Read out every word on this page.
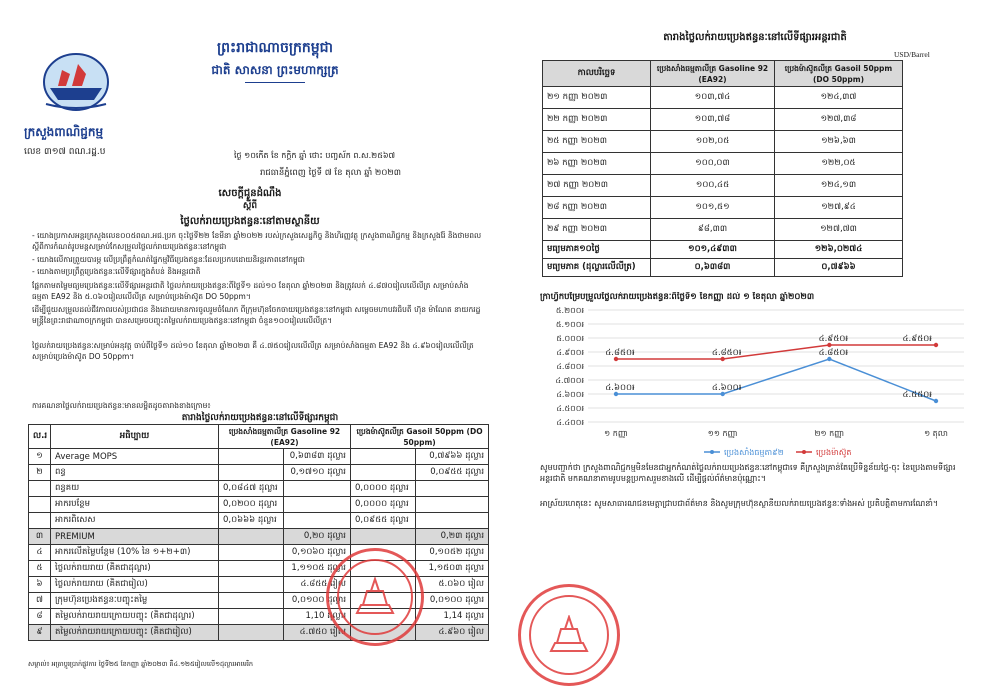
ក្រសួងពាណិជ្ជកម្ម
លេខ ៣១៧ ពណ.រដ្ឋ.ប
ព្រះរាជាណាចក្រកម្ពុជា
ជាតិ សាសនា ព្រះមហាក្សត្រ
ថ្ងៃ ១០កើត ខែ កក្ដិក ឆ្នាំ ថោះ បញ្ចស័ក ព.ស.២៥៦៧
រាជធានីភ្នំពេញ ថ្ងៃទី ៧ ខែ តុលា ឆ្នាំ ២០២៣
សេចក្តីជូនដំណឹង
ស្តីពី
ថ្លៃលក់រាយប្រេងឥន្ធនៈនៅតាមស្ថានីយ
- យោងប្រកាសអន្តរក្រសួងលេខ០០៥ពណ.អជ.ប្រក ចុះថ្ងៃទី២២ ខែមីនា ឆ្នាំ២០២២ របស់ក្រសួងសេដ្ឋកិច្ច និងហិរញ្ញវត្ថុ ក្រសួងពាណិជ្ជកម្ម និងក្រសួងរ៉ែ និងថាមពល ស្តីពីការកំណត់រូបមន្តសម្រាប់កែសម្រួលថ្លៃលក់រាយប្រេងឥន្ធនៈនៅកម្ពុជា
- យោងលើការព្រួយបារម្ភ លើប្រព្រឹត្តកំណត់ផ្ទៃកម្មវិធីប្រេងឥន្ធនៈដែលប្រកបដោយនិរន្តរភាពនៅកម្ពុជា
- យោងតាមប្រព្រឹត្តប្រេងឥន្ធនៈលើទីផ្សារក្នុងតំបន់ និងអន្តរជាតិ
ផ្អែកតាមតម្លៃមធ្យមប្រេងឥន្ធនៈលើទីផ្សារអន្តរជាតិ ថ្លៃលក់រាយប្រេងឥន្ធនៈពីថ្ងៃទី១ ដល់១០ ខែតុលា ឆ្នាំ២០២៣ និងត្រូវលក់ ៤.៨៧០រៀលលើលីត្រ សម្រាប់សាំងធម្មតា EA92 និង ៥.០៦០រៀលលើលីត្រ សម្រាប់ប្រេងម៉ាស៊ូត DO 50ppm។
ដើម្បីជួយសម្រួលដល់ជីវភាពរបស់ប្រជាជន និងដោយមានការចូលរួមចំណែក ពីក្រុមហ៊ុនចែកចាយប្រេងឥន្ធនៈនៅកម្ពុជា សម្ដេចមហាបវរធិបតី ហ៊ុន ម៉ាណែត នាយករដ្ឋមន្ត្រីនៃព្រះរាជាណាចក្រកម្ពុជា បានសម្រេចបញ្ចុះតម្លៃលក់រាយប្រេងឥន្ធនៈនៅកម្ពុជា ចំនួន១០០រៀលលើលីត្រ។
ថ្លៃលក់រាយប្រេងឥន្ធនៈសម្រាប់អនុវត្ត ចាប់ពីថ្ងៃទី១ ដល់១០ ខែតុលា ឆ្នាំ២០២៣ គឺ ៤.៧៥០រៀលលើលីត្រ សម្រាប់សាំងធម្មតា EA92 និង ៤.៩៦០រៀលលើលីត្រ សម្រាប់ប្រេងម៉ាស៊ូត DO 50ppm។
ការគណនាថ្លៃលក់រាយប្រេងឥន្ធនៈមានលម្អិតដូចតារាងខាងក្រោម៖
តារាងថ្លៃលក់រាយប្រេងឥន្ធនៈនៅលើទីផ្សារកម្ពុជា
ល.រ	អធិប្បាយ	ប្រេងសាំងធម្មតាលីត្រ Gasoline 92 (EA92)		ប្រេងម៉ាស៊ូតលីត្រ Gasoil 50ppm (DO 50ppm)	
១	Average MOPS		0,៦៣៨៣ ដុល្លារ		0,៧៩៦៦ ដុល្លារ
២	ពន្ធ		0,១៧១០ ដុល្លារ		0,០៩៥៥ ដុល្លារ
	ពន្ធគយ	0,០៨៤៧ ដុល្លារ		0,០០០០ ដុល្លារ	
	អាករបន្ថែម	0,០២០០ ដុល្លារ		0,០០០០ ដុល្លារ	
	អាករពិសេស	0,០៦៦៦ ដុល្លារ		0,០៩៥៥ ដុល្លារ	
៣	PREMIUM		0,២០ ដុល្លារ		0,២៣ ដុល្លារ
៤	អាករលើតម្លៃបន្ថែម (10% នៃ ១+២+៣)		0,១០៦០ ដុល្លារ		0,១០៥២ ដុល្លារ
៥	ថ្លៃលក់រាយរាយ (គិតជាដុល្លារ)		1,១១០៥ ដុល្លារ		1,១៥០៣ ដុល្លារ
៦	ថ្លៃលក់រាយរាយ (គិតជារៀល)		៤.៨៥៥ រៀល		៥.០៦០ រៀល
៧	ក្រុមហ៊ុនប្រេងឥន្ធនៈបញ្ចុះតម្លៃ		0,០១០០ ដុល្លារ		0,០១០០ ដុល្លារ
៨	តម្លៃលក់រាយរាយក្រោយបញ្ចុះ (គិតជាដុល្លារ)		1,10 ដុល្លារ		1,14 ដុល្លារ
៩	តម្លៃលក់រាយរាយក្រោយបញ្ចុះ (គិតជារៀល)		៤.៧៥០ រៀល		៤.៩៦០ រៀល
សម្គាល់៖ អត្រាប្តូរប្រាក់ផ្លូវការ ថ្ងៃទី២៥ ខែកញ្ញា ឆ្នាំ២០២៣ គឺ៤.១២៥រៀលលើ១ដុល្លារអាមេរិក
តារាងថ្លៃលក់រាយប្រេងឥន្ធនៈនៅលើទីផ្សារអន្តរជាតិ
USD/Barrel
កាលបរិច្ឆេទ	ប្រេងសាំងធម្មតាលីត្រ Gasoline 92 (EA92)	ប្រេងម៉ាស៊ូតលីត្រ Gasoil 50ppm (DO 50ppm)
២១ កញ្ញា ២០២៣	១០៣,៧៤	១២៤,៣៧
២២ កញ្ញា ២០២៣	១០៣,៧៨	១២៧,៣៨
២៥ កញ្ញា ២០២៣	១០២,០៥	១២៦,៦៣
២៦ កញ្ញា ២០២៣	១០០,០៣	១២២,០៥
២៧ កញ្ញា ២០២៣	១០០,៤៥	១២៤,១៣
២៨ កញ្ញា ២០២៣	១០១,៥១	១២៧,៩៤
២៩ កញ្ញា ២០២៣	៩៨,៣៣	១២៧,៧៣
មធ្យមភាគ១០ថ្ងៃ	១០១,៤៩៣៣	១២៦,០២៧៤
មធ្យមភាគ (ដុល្លារលើលីត្រ)	០,៦៣៨៣	០,៧៩៦៦
ក្រាហ្វិកបម្រែបម្រួលថ្លៃលក់រាយប្រេងឥន្ធនៈពីថ្ងៃទី១ ខែកញ្ញា ដល់ ១ ខែតុលា ឆ្នាំ២០២៣
៤.៤០០៛
៤.៥០០៛
៤.៦០០៛
៤.៧០០៛
៤.៨០០៛
៤.៩០០៛
៥.០០០៛
៥.១០០៛
៥.២០០៛
១ កញ្ញា	១១ កញ្ញា	២១ កញ្ញា	១ តុលា
៤.៦០០៛	៤.៦០០៛
៤.៨៥០៛
៤.៥៥០៛
៤.៨៥០៛	៤.៨៥០៛
៤.៩៥០៛	៤.៩៥០៛
ប្រេងសាំងធម្មតា៩២	ប្រេងម៉ាស៊ូត
សូមបញ្ជាក់ថា ក្រសួងពាណិជ្ជកម្មមិនមែនជាអ្នកកំណត់ថ្លៃលក់រាយប្រេងឥន្ធនៈនៅកម្ពុជាទេ គឺក្រសួងគ្រាន់តែប្រើទិន្នន័យថ្លៃ-ចុះ នៃប្រេងតាមទីផ្សារអន្តរជាតិ មកគណនាតាមរូបមន្តប្រកាសរួមខាងលើ ដើម្បីផ្តល់ព័ត៌មានប៉ុណ្ណោះ។
អាស្រ័យហេតុនេះ សូមសាធារណជនមេត្តាជ្រាបជាព័ត៌មាន និងសូមក្រុមហ៊ុនស្ថានីយលក់រាយប្រេងឥន្ធនៈទាំងអស់ ប្រតិបត្តិតាមការណែនាំ។
